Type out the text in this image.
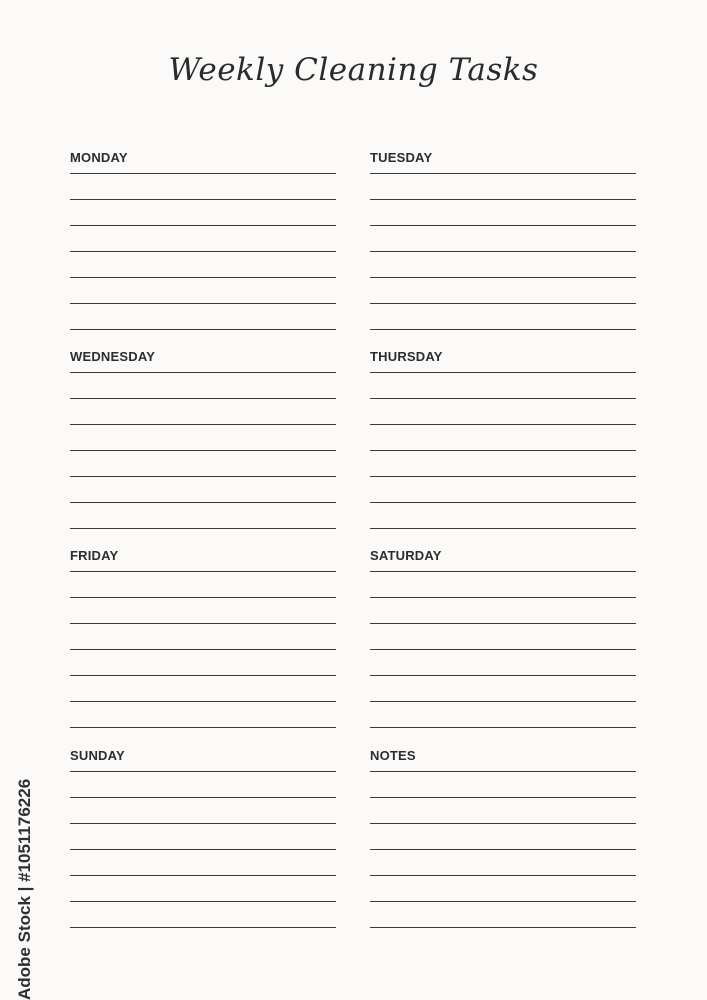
Weekly Cleaning Tasks
MONDAY	TUESDAY
WEDNESDAY	THURSDAY
FRIDAY	SATURDAY
SUNDAY	NOTES
Adobe Stock | #1051176226
